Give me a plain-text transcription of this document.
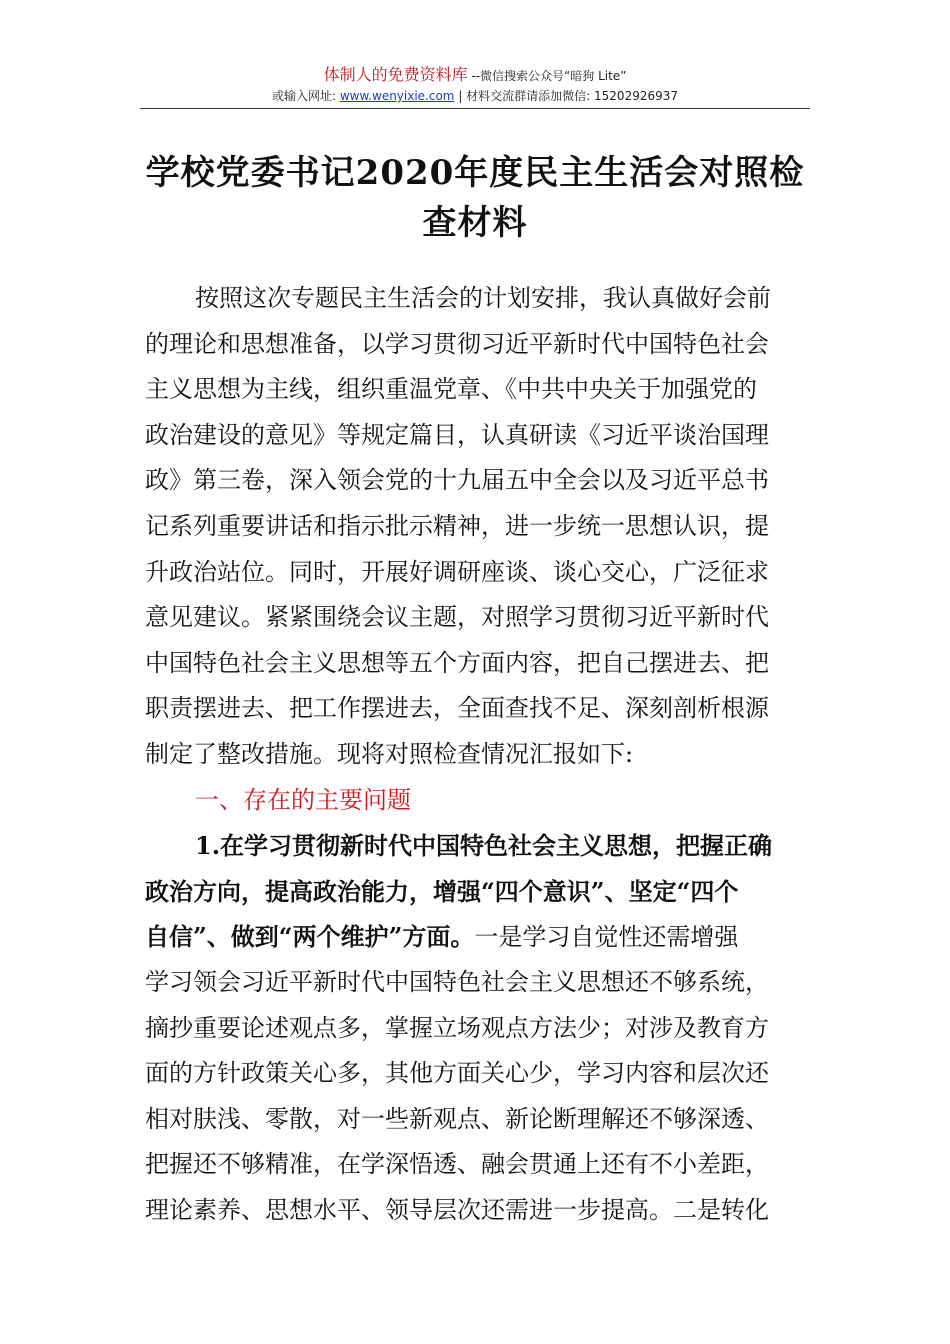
体制人的免费资料库 --微信搜索公众号“暗狗 Lite”
或输入网址: www.wenyixie.com | 材料交流群请添加微信: 15202926937
学校党委书记2020年度民主生活会对照检
查材料
按照这次专题民主生活会的计划安排，我认真做好会前
的理论和思想准备，以学习贯彻习近平新时代中国特色社会
主义思想为主线，组织重温党章、《中共中央关于加强党的
政治建设的意见》等规定篇目，认真研读《习近平谈治国理
政》第三卷，深入领会党的十九届五中全会以及习近平总书
记系列重要讲话和指示批示精神，进一步统一思想认识，提
升政治站位。同时，开展好调研座谈、谈心交心，广泛征求
意见建议。紧紧围绕会议主题，对照学习贯彻习近平新时代
中国特色社会主义思想等五个方面内容，把自己摆进去、把
职责摆进去、把工作摆进去，全面查找不足、深刻剖析根源
制定了整改措施。现将对照检查情况汇报如下:
一、存在的主要问题
1.在学习贯彻新时代中国特色社会主义思想，把握正确
政治方向，提高政治能力，增强“四个意识”、坚定“四个
自信”、做到“两个维护”方面。一是学习自觉性还需增强
学习领会习近平新时代中国特色社会主义思想还不够系统，
摘抄重要论述观点多，掌握立场观点方法少；对涉及教育方
面的方针政策关心多，其他方面关心少，学习内容和层次还
相对肤浅、零散，对一些新观点、新论断理解还不够深透、
把握还不够精准，在学深悟透、融会贯通上还有不小差距，
理论素养、思想水平、领导层次还需进一步提高。二是转化
